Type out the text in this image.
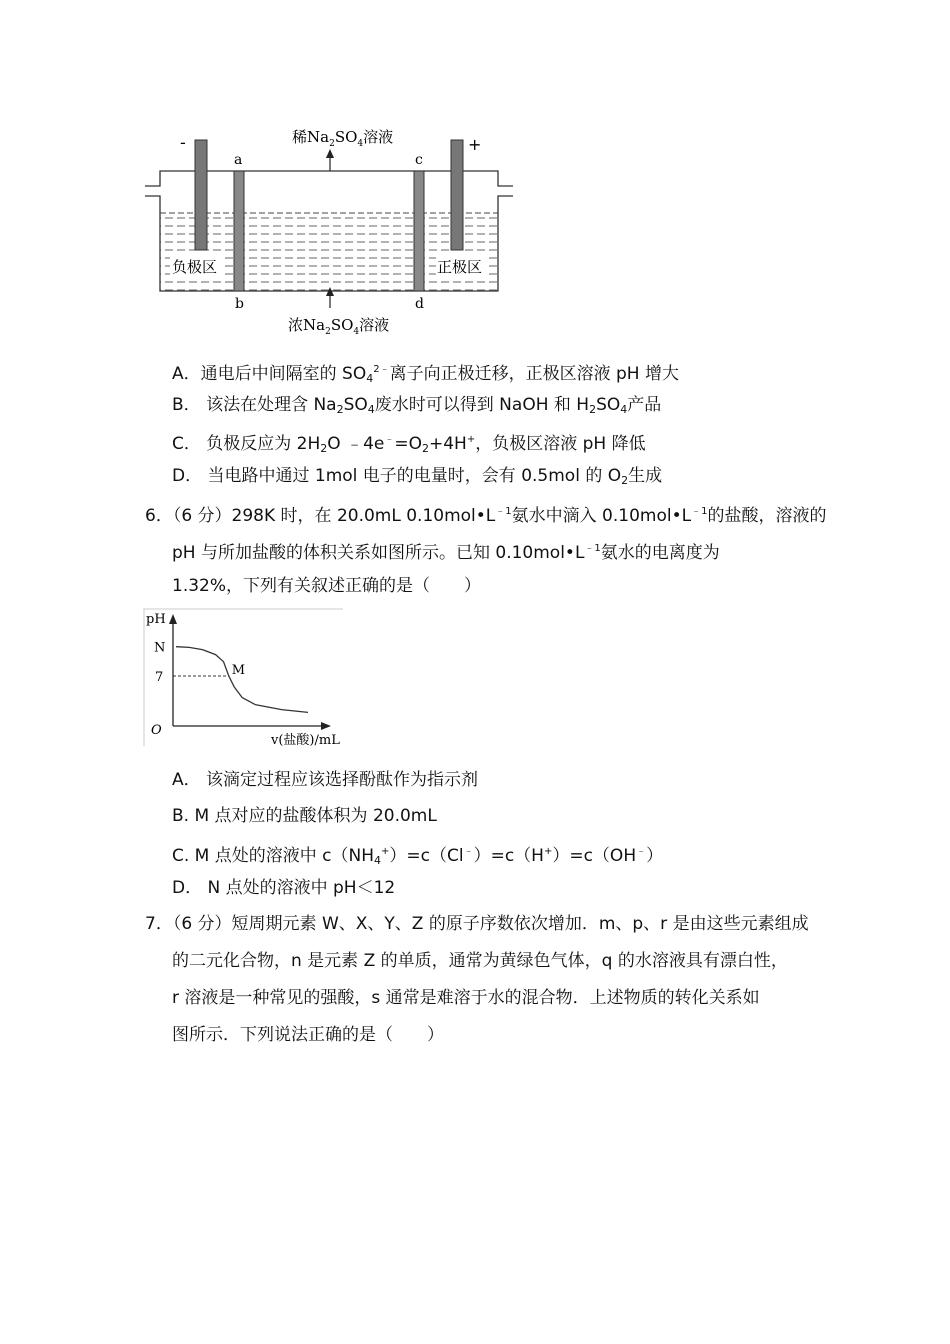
稀$Na_2SO_4$溶液
浓$Na_2SO_4$溶液
-	+
a
b
c
d
负极区	正极区
A．通电后中间隔室的 $SO_4^{2﹣}$离子向正极迁移，正极区溶液 pH 增大
B． 该法在处理含 $Na_2SO_4$废水时可以得到 NaOH 和 $H_2SO_4$产品
C． 负极反应为 $2H_2O$ $﹣4e^﹣=O_2+4H^+$，负极区溶液 pH 降低
D． 当电路中通过 1mol 电子的电量时，会有 0.5mol 的 $O_2$生成
6．（6 分）298K 时，在 20.0mL $0.10mol•L^{﹣1}$氨水中滴入 $0.10mol•L^{﹣1}$的盐酸，溶液的
pH 与所加盐酸的体积关系如图所示。已知 $0.10mol•L^{﹣1}$氨水的电离度为
1.32%，下列有关叙述正确的是（　　）
pH
O
v(盐酸)/mL
7
N
M
A． 该滴定过程应该选择酚酞作为指示剂
B. M 点对应的盐酸体积为 20.0mL
C. M 点处的溶液中 $c(NH_4^+)=c(Cl^﹣)=c(H^+)=c(OH^﹣)$
D． N 点处的溶液中 pH＜12
7．（6 分）短周期元素 W、X、Y、Z 的原子序数依次增加．m、p、r 是由这些元素组成
的二元化合物，n 是元素 Z 的单质，通常为黄绿色气体，q 的水溶液具有漂白性，
r 溶液是一种常见的强酸，s 通常是难溶于水的混合物．上述物质的转化关系如
图所示．下列说法正确的是（　　）
